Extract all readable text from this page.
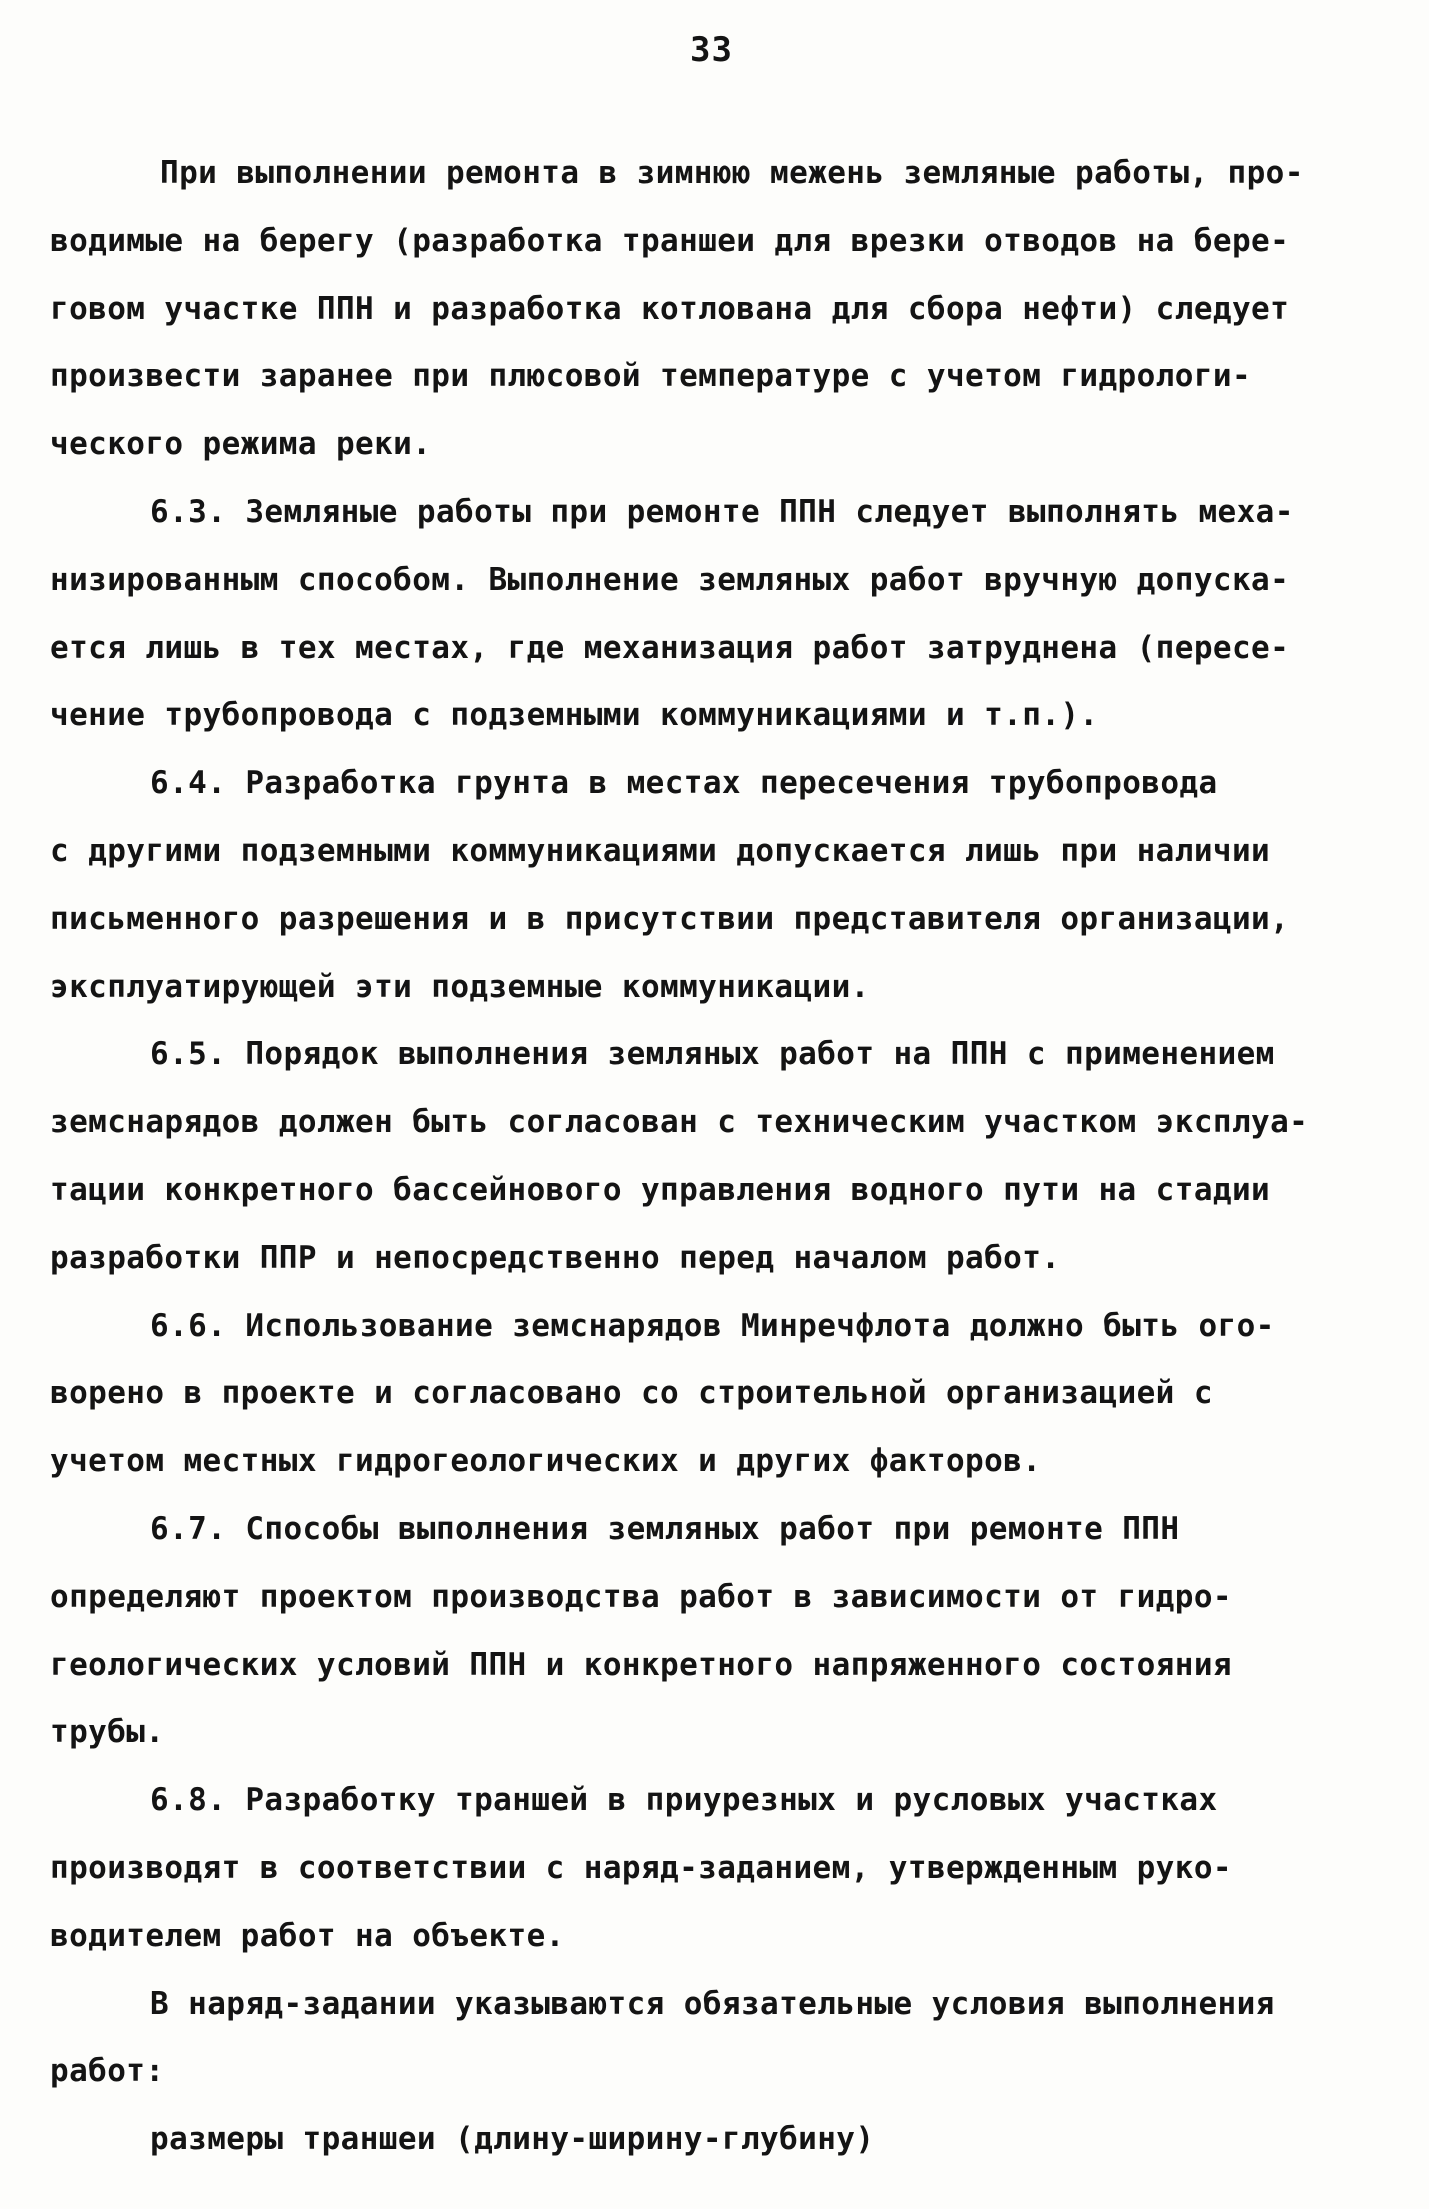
33
При выполнении ремонта в зимнюю межень земляные работы, про-
водимые на берегу (разработка траншеи для врезки отводов на бере-
говом участке ППН и разработка котлована для сбора нефти) следует
произвести заранее при плюсовой температуре с учетом гидрологи-
ческого режима реки.
6.3. Земляные работы при ремонте ППН следует выполнять меха-
низированным способом. Выполнение земляных работ вручную допуска-
ется лишь в тех местах, где механизация работ затруднена (пересе-
чение трубопровода с подземными коммуникациями и т.п.).
6.4. Разработка грунта в местах пересечения трубопровода
с другими подземными коммуникациями допускается лишь при наличии
письменного разрешения и в присутствии представителя организации,
эксплуатирующей эти подземные коммуникации.
6.5. Порядок выполнения земляных работ на ППН с применением
земснарядов должен быть согласован с техническим участком эксплуа-
тации конкретного бассейнового управления водного пути на стадии
разработки ППР и непосредственно перед началом работ.
6.6. Использование земснарядов Минречфлота должно быть ого-
ворено в проекте и согласовано со строительной организацией с
учетом местных гидрогеологических и других факторов.
6.7. Способы выполнения земляных работ при ремонте ППН
определяют проектом производства работ в зависимости от гидро-
геологических условий ППН и конкретного напряженного состояния
трубы.
6.8. Разработку траншей в приурезных и русловых участках
производят в соответствии с наряд-заданием, утвержденным руко-
водителем работ на объекте.
В наряд-задании указываются обязательные условия выполнения
работ:
размеры траншеи (длину-ширину-глубину)
